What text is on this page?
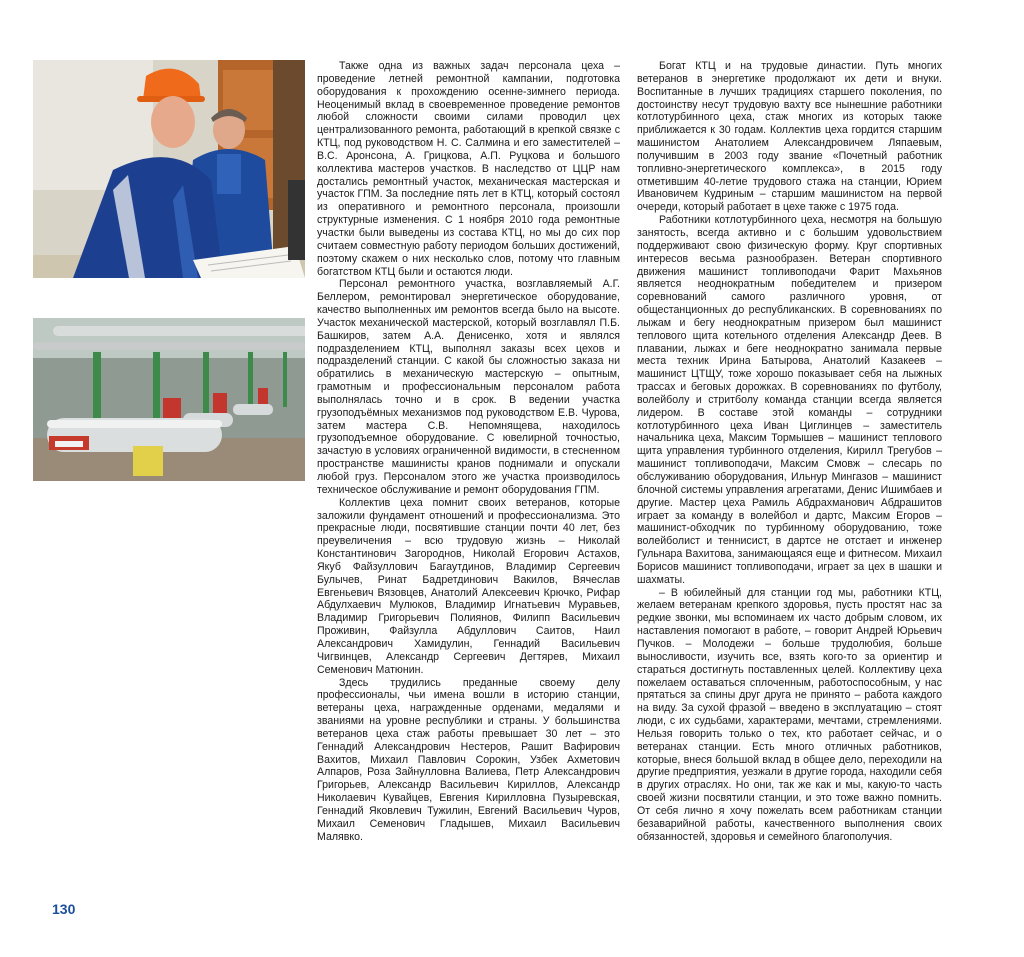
Также одна из важных задач персонала цеха – проведение летней ремонтной кампании, подготовка оборудования к прохождению осенне-зимнего периода. Неоценимый вклад в своевременное проведение ремонтов любой сложности своими силами проводил цех централизованного ремонта, работающий в крепкой связке с КТЦ, под руководством Н. С. Салмина и его заместителей – В.С. Аронсона, А. Грицкова, А.П. Руцкова и большого коллектива мастеров участков. В наследство от ЦЦР нам достались ремонтный участок, механическая мастерская и участок ГПМ. За последние пять лет в КТЦ, который состоял из оперативного и ремонтного персонала, произошли структурные изменения. С 1 ноября 2010 года ремонтные участки были выведены из состава КТЦ, но мы до сих пор считаем совместную работу периодом больших достижений, поэтому скажем о них несколько слов, потому что главным богатством КТЦ были и остаются люди.

Персонал ремонтного участка, возглавляемый А.Г. Беллером, ремонтировал энергетическое оборудование, качество выполненных им ремонтов всегда было на высоте. Участок механической мастерской, который возглавлял П.Б. Башкиров, затем А.А. Денисенко, хотя и являлся подразделением КТЦ, выполнял заказы всех цехов и подразделений станции. С какой бы сложностью заказа ни обратились в механическую мастерскую – опытным, грамотным и профессиональным персоналом работа выполнялась точно и в срок. В ведении участка грузоподъёмных механизмов под руководством Е.В. Чурова, затем мастера С.В. Непомнящева, находилось грузоподъемное оборудование. С ювелирной точностью, зачастую в условиях ограниченной видимости, в стесненном пространстве машинисты кранов поднимали и опускали любой груз. Персоналом этого же участка производилось техническое обслуживание и ремонт оборудования ГПМ.

Коллектив цеха помнит своих ветеранов, которые заложили фундамент отношений и профессионализма. Это прекрасные люди, посвятившие станции почти 40 лет, без преувеличения – всю трудовую жизнь – Николай Константинович Загороднов, Николай Егорович Астахов, Якуб Файзуллович Багаутдинов, Владимир Сергеевич Булычев, Ринат Бадретдинович Вакилов, Вячеслав Евгеньевич Вязовцев, Анатолий Алексеевич Крючко, Рифар Абдулхаевич Мулюков, Владимир Игнатьевич Муравьев, Владимир Григорьевич Полиянов, Филипп Васильевич Проживин, Файзулла Абдуллович Саитов, Наил Александрович Хамидулин, Геннадий Васильевич Чигвинцев, Александр Сергеевич Дегтярев, Михаил Семенович Матюнин.

Здесь трудились преданные своему делу профессионалы, чьи имена вошли в историю станции, ветераны цеха, награжденные орденами, медалями и званиями на уровне республики и страны. У большинства ветеранов цеха стаж работы превышает 30 лет – это Геннадий Александрович Нестеров, Рашит Вафирович Вахитов, Михаил Павлович Сорокин, Узбек Ахметович Алпаров, Роза Зайнулловна Валиева, Петр Александрович Григорьев, Александр Васильевич Кириллов, Александр Николаевич Кувайцев, Евгения Кирилловна Пузыревская, Геннадий Яковлевич Тужилин, Евгений Васильевич Чуров, Михаил Семенович Гладышев, Михаил Васильевич Малявко.

Богат КТЦ и на трудовые династии. Путь многих ветеранов в энергетике продолжают их дети и внуки. Воспитанные в лучших традициях старшего поколения, по достоинству несут трудовую вахту все нынешние работники котлотурбинного цеха, стаж многих из которых также приближается к 30 годам. Коллектив цеха гордится старшим машинистом Анатолием Александровичем Ляпаевым, получившим в 2003 году звание «Почетный работник топливно-энергетического комплекса», в 2015 году отметившим 40-летие трудового стажа на станции, Юрием Ивановичем Кудриным – старшим машинистом на первой очереди, который работает в цехе также с 1975 года.

Работники котлотурбинного цеха, несмотря на большую занятость, всегда активно и с большим удовольствием поддерживают свою физическую форму. Круг спортивных интересов весьма разнообразен. Ветеран спортивного движения машинист топливоподачи Фарит Махьянов является неоднократным победителем и призером соревнований самого различного уровня, от общестанционных до республиканских. В соревнованиях по лыжам и бегу неоднократным призером был машинист теплового щита котельного отделения Александр Деев. В плавании, лыжах и беге неоднократно занимала первые места техник Ирина Батырова, Анатолий Казакеев – машинист ЦТЩУ, тоже хорошо показывает себя на лыжных трассах и беговых дорожках. В соревнованиях по футболу, волейболу и стритболу команда станции всегда является лидером. В составе этой команды – сотрудники котлотурбинного цеха Иван Циглинцев – заместитель начальника цеха, Максим Тормышев – машинист теплового щита управления турбинного отделения, Кирилл Трегубов – машинист топливоподачи, Максим Смовж – слесарь по обслуживанию оборудования, Ильнур Мингазов – машинист блочной системы управления агрегатами, Денис Ишимбаев и другие. Мастер цеха Рамиль Абдрахманович Абдрашитов играет за команду в волейбол и дартс, Максим Егоров – машинист-обходчик по турбинному оборудованию, тоже волейболист и теннисист, в дартсе не отстает и инженер Гульнара Вахитова, занимающаяся еще и фитнесом. Михаил Борисов машинист топливоподачи, играет за цех в шашки и шахматы.

– В юбилейный для станции год мы, работники КТЦ, желаем ветеранам крепкого здоровья, пусть простят нас за редкие звонки, мы вспоминаем их часто добрым словом, их наставления помогают в работе, – говорит Андрей Юрьевич Пучков. – Молодежи – больше трудолюбия, больше выносливости, изучить все, взять кого-то за ориентир и стараться достигнуть поставленных целей. Коллективу цеха пожелаем оставаться сплоченным, работоспособным, у нас прятаться за спины друг друга не принято – работа каждого на виду. За сухой фразой – введено в эксплуатацию – стоят люди, с их судьбами, характерами, мечтами, стремлениями. Нельзя говорить только о тех, кто работает сейчас, и о ветеранах станции. Есть много отличных работников, которые, внеся большой вклад в общее дело, переходили на другие предприятия, уезжали в другие города, находили себя в других отраслях. Но они, так же как и мы, какую-то часть своей жизни посвятили станции, и это тоже важно помнить. От себя лично я хочу пожелать всем работникам станции безаварийной работы, качественного выполнения своих обязанностей, здоровья и семейного благополучия.

130
